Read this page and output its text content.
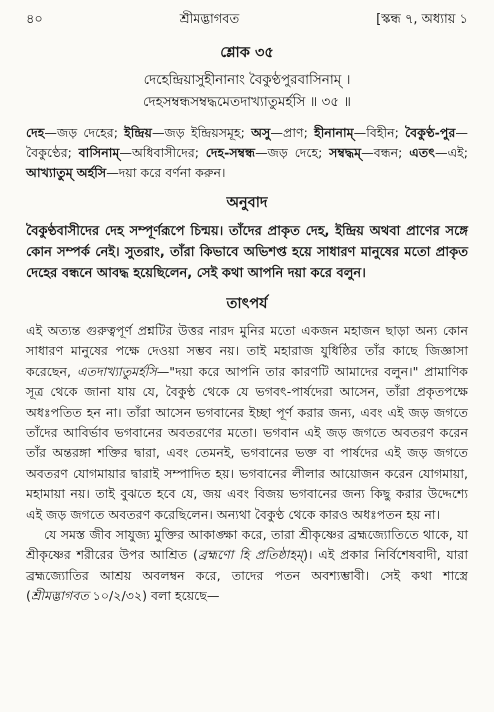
৪০	শ্রীমদ্ভাগবত	[স্কন্ধ ৭, অধ্যায় ১
শ্লোক ৩৫
দেহেন্দ্রিয়াসুহীনানাং বৈকুণ্ঠপুরবাসিনাম্ ।
দেহসম্বন্ধসম্বদ্ধমেতদাখ্যাতুমর্হসি ॥ ৩৫ ॥
দেহ—জড় দেহের; ইন্দ্রিয়—জড় ইন্দ্রিয়সমূহ; অসু—প্রাণ; হীনানাম্—বিহীন; বৈকুণ্ঠ-পুর—বৈকুণ্ঠের; বাসিনাম্—অধিবাসীদের; দেহ-সম্বন্ধ—জড় দেহে; সম্বদ্ধম্—বন্ধন; এতৎ—এই; আখ্যাতুম্ অর্হসি—দয়া করে বর্ণনা করুন।
অনুবাদ
বৈকুণ্ঠবাসীদের দেহ সম্পূর্ণরূপে চিন্ময়। তাঁদের প্রাকৃত দেহ, ইন্দ্রিয় অথবা প্রাণের সঙ্গে কোন সম্পর্ক নেই। সুতরাং, তাঁরা কিভাবে অভিশপ্ত হয়ে সাধারণ মানুষের মতো প্রাকৃত দেহের বন্ধনে আবদ্ধ হয়েছিলেন, সেই কথা আপনি দয়া করে বলুন।
তাৎপর্য

এই অত্যন্ত গুরুত্বপূর্ণ প্রশ্নটির উত্তর নারদ মুনির মতো একজন মহাজন ছাড়া অন্য কোন সাধারণ মানুষের পক্ষে দেওয়া সম্ভব নয়। তাই মহারাজ যুধিষ্ঠির তাঁর কাছে জিজ্ঞাসা করেছেন, এতদাখ্যাতুমর্হসি—"দয়া করে আপনি তার কারণটি আমাদের বলুন।" প্রামাণিক সূত্র থেকে জানা যায় যে, বৈকুণ্ঠ থেকে যে ভগবৎ-পার্ষদেরা আসেন, তাঁরা প্রকৃতপক্ষে অধঃপতিত হন না। তাঁরা আসেন ভগবানের ইচ্ছা পূর্ণ করার জন্য, এবং এই জড় জগতে তাঁদের আবির্ভাব ভগবানের অবতরণের মতো। ভগবান এই জড় জগতে অবতরণ করেন তাঁর অন্তরঙ্গা শক্তির দ্বারা, এবং তেমনই, ভগবানের ভক্ত বা পার্ষদের এই জড় জগতে অবতরণ যোগমায়ার দ্বারাই সম্পাদিত হয়। ভগবানের লীলার আয়োজন করেন যোগমায়া, মহামায়া নয়। তাই বুঝতে হবে যে, জয় এবং বিজয় ভগবানের জন্য কিছু করার উদ্দেশ্যে এই জড় জগতে অবতরণ করেছিলেন। অন্যথা বৈকুণ্ঠ থেকে কারও অধঃপতন হয় না।

যে সমস্ত জীব সাযুজ্য মুক্তির আকাঙ্ক্ষা করে, তারা শ্রীকৃষ্ণের ব্রহ্মজ্যোতিতে থাকে, যা শ্রীকৃষ্ণের শরীরের উপর আশ্রিত (ব্রহ্মণো হি প্রতিষ্ঠাহম্)। এই প্রকার নির্বিশেষবাদী, যারা ব্রহ্মজ্যোতির আশ্রয় অবলম্বন করে, তাদের পতন অবশ্যম্ভাবী। সেই কথা শাস্ত্রে (শ্রীমদ্ভাগবত ১০/২/৩২) বলা হয়েছে—
